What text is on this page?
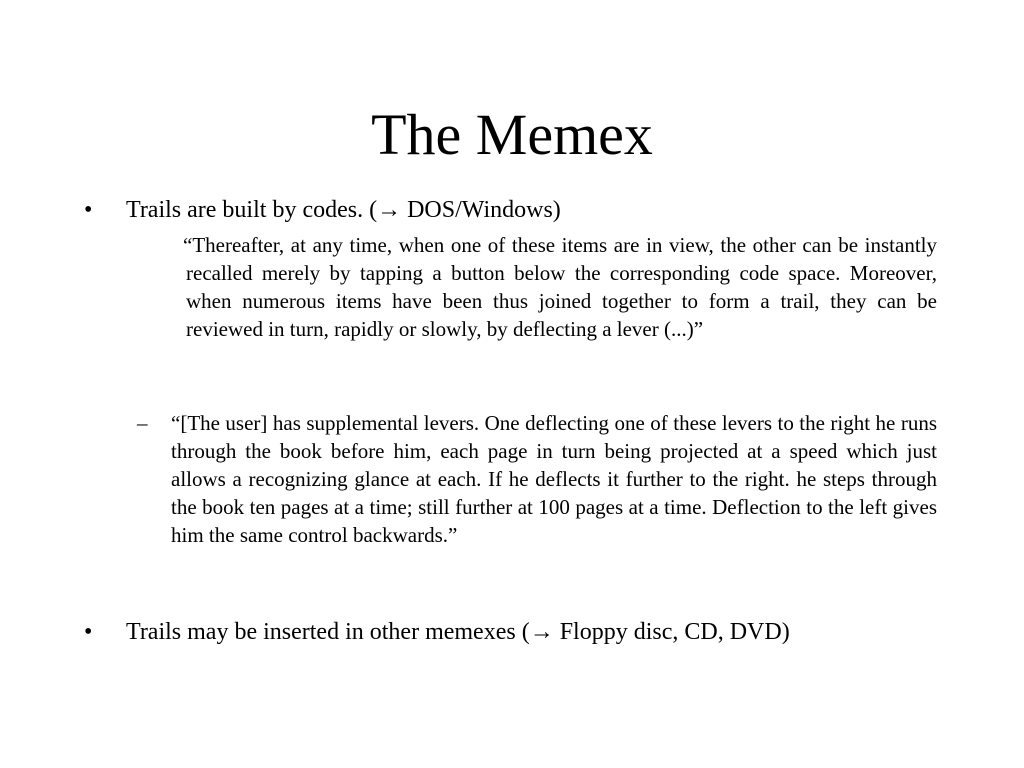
The Memex
•	Trails are built by codes. (→ DOS/Windows)
“Thereafter, at any time, when one of these items are in view, the other can be instantly recalled merely by tapping a button below the corresponding code space. Moreover, when numerous items have been thus joined together to form a trail, they can be reviewed in turn, rapidly or slowly, by deflecting a lever (...)”
–	“[The user] has supplemental levers. One deflecting one of these levers to the right he runs through the book before him, each page in turn being projected at a speed which just allows a recognizing glance at each. If he deflects it further to the right. he steps through the book ten pages at a time; still further at 100 pages at a time. Deflection to the left gives him the same control backwards.”
•	Trails may be inserted in other memexes (→ Floppy disc, CD, DVD)
